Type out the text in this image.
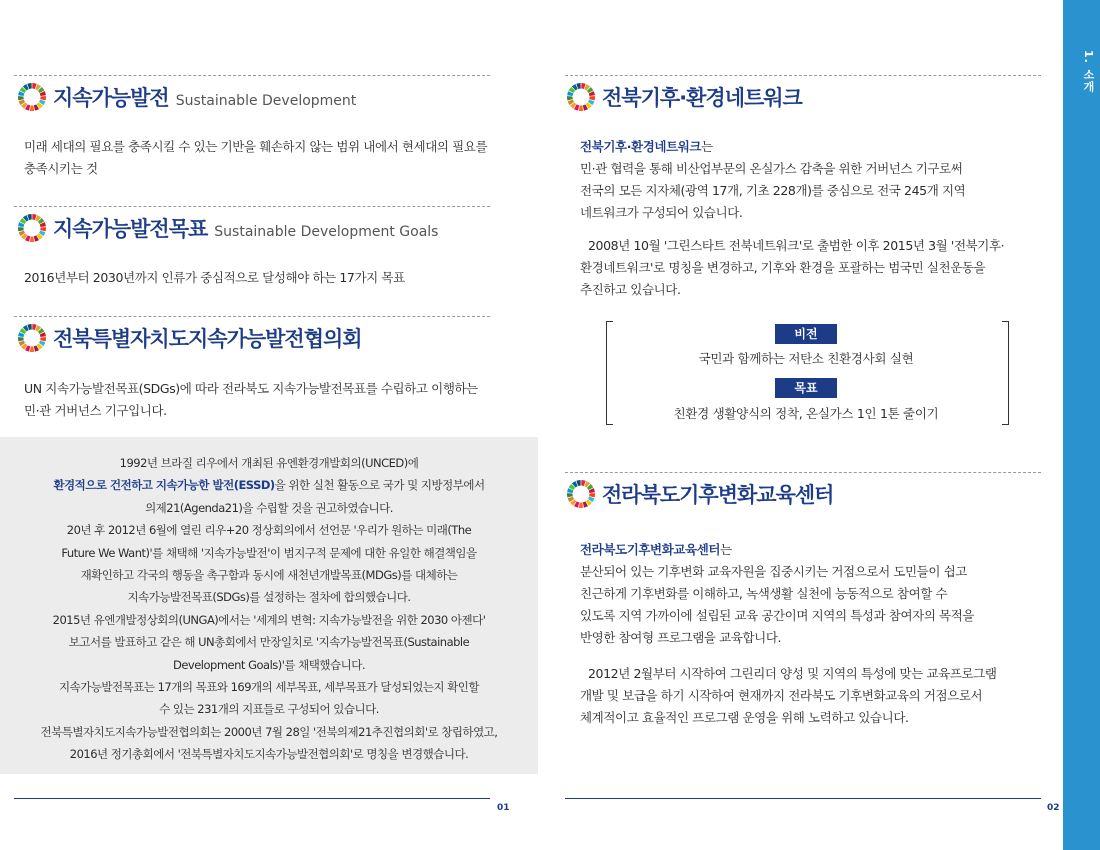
1. 소개
지속가능발전 Sustainable Development
미래 세대의 필요를 충족시킬 수 있는 기반을 훼손하지 않는 범위 내에서 현세대의 필요를
충족시키는 것
지속가능발전목표 Sustainable Development Goals
2016년부터 2030년까지 인류가 중심적으로 달성해야 하는 17가지 목표
전북특별자치도지속가능발전협의회
UN 지속가능발전목표(SDGs)에 따라 전라북도 지속가능발전목표를 수립하고 이행하는
민·관 거버넌스 기구입니다.
1992년 브라질 리우에서 개최된 유엔환경개발회의(UNCED)에
환경적으로 건전하고 지속가능한 발전(ESSD)을 위한 실천 활동으로 국가 및 지방정부에서
의제21(Agenda21)을 수립할 것을 권고하였습니다.
20년 후 2012년 6월에 열린 리우+20 정상회의에서 선언문 '우리가 원하는 미래(The
Future We Want)'를 채택해 '지속가능발전'이 범지구적 문제에 대한 유일한 해결책임을
재확인하고 각국의 행동을 촉구함과 동시에 새천년개발목표(MDGs)를 대체하는
지속가능발전목표(SDGs)를 설정하는 절차에 합의했습니다.
2015년 유엔개발정상회의(UNGA)에서는 '세계의 변혁: 지속가능발전을 위한 2030 아젠다'
보고서를 발표하고 같은 해 UN총회에서 만장일치로 '지속가능발전목표(Sustainable
Development Goals)'를 채택했습니다.
지속가능발전목표는 17개의 목표와 169개의 세부목표, 세부목표가 달성되었는지 확인할
수 있는 231개의 지표들로 구성되어 있습니다.
전북특별자치도지속가능발전협의회는 2000년 7월 28일 '전북의제21추진협의회'로 창립하였고,
2016년 정기총회에서 '전북특별자치도지속가능발전협의회'로 명칭을 변경했습니다.
01
전북기후·환경네트워크
전북기후·환경네트워크는
민·관 협력을 통해 비산업부문의 온실가스 감축을 위한 거버넌스 기구로써
전국의 모든 지자체(광역 17개, 기초 228개)를 중심으로 전국 245개 지역
네트워크가 구성되어 있습니다.
2008년 10월 '그린스타트 전북네트워크'로 출범한 이후 2015년 3월 '전북기후·
환경네트워크'로 명칭을 변경하고, 기후와 환경을 포괄하는 범국민 실천운동을
추진하고 있습니다.
비전
국민과 함께하는 저탄소 친환경사회 실현
목표
친환경 생활양식의 정착, 온실가스 1인 1톤 줄이기
전라북도기후변화교육센터
전라북도기후변화교육센터는
분산되어 있는 기후변화 교육자원을 집중시키는 거점으로서 도민들이 쉽고
친근하게 기후변화를 이해하고, 녹색생활 실천에 능동적으로 참여할 수
있도록 지역 가까이에 설립된 교육 공간이며 지역의 특성과 참여자의 목적을
반영한 참여형 프로그램을 교육합니다.
2012년 2월부터 시작하여 그린리더 양성 및 지역의 특성에 맞는 교육프로그램
개발 및 보급을 하기 시작하여 현재까지 전라북도 기후변화교육의 거점으로서
체계적이고 효율적인 프로그램 운영을 위해 노력하고 있습니다.
02
